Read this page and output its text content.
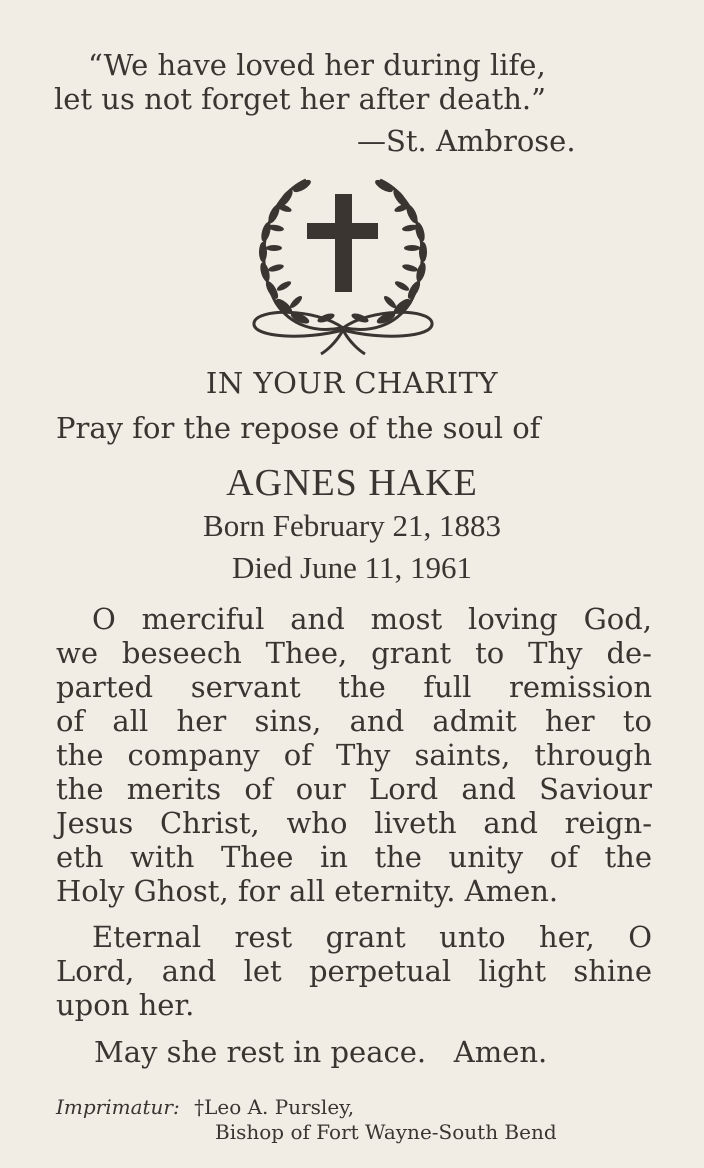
“We have loved her during life,
let us not forget her after death.”
—St. Ambrose.
IN YOUR CHARITY
Pray for the repose of the soul of
AGNES HAKE
Born February 21, 1883
Died June 11, 1961
O merciful and most loving God,
we beseech Thee, grant to Thy de-
parted servant the full remission
of all her sins, and admit her to
the company of Thy saints, through
the merits of our Lord and Saviour
Jesus Christ, who liveth and reign-
eth with Thee in the unity of the
Holy Ghost, for all eternity. Amen.
Eternal rest grant unto her, O
Lord, and let perpetual light shine
upon her.
May she rest in peace.   Amen.
Imprimatur: †Leo A. Pursley,
Bishop of Fort Wayne-South Bend
